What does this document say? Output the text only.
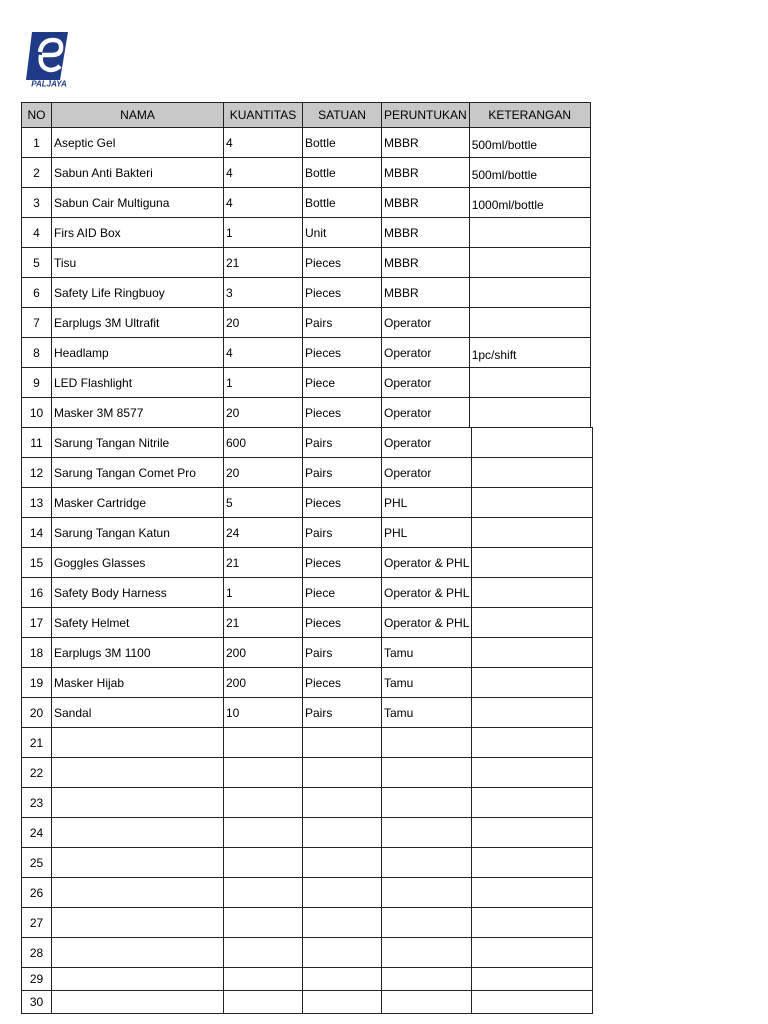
PALJAYA
NO	NAMA	KUANTITAS	SATUAN	PERUNTUKAN	KETERANGAN
1	Aseptic Gel	4	Bottle	MBBR	500ml/bottle
2	Sabun Anti Bakteri	4	Bottle	MBBR	500ml/bottle
3	Sabun Cair Multiguna	4	Bottle	MBBR	1000ml/bottle
4	Firs AID Box	1	Unit	MBBR	
5	Tisu	21	Pieces	MBBR	
6	Safety Life Ringbuoy	3	Pieces	MBBR	
7	Earplugs 3M Ultrafit	20	Pairs	Operator	
8	Headlamp	4	Pieces	Operator	1pc/shift
9	LED Flashlight	1	Piece	Operator	
10	Masker 3M 8577	20	Pieces	Operator	
11	Sarung Tangan Nitrile	600	Pairs	Operator	
12	Sarung Tangan Comet Pro	20	Pairs	Operator	
13	Masker Cartridge	5	Pieces	PHL	
14	Sarung Tangan Katun	24	Pairs	PHL	
15	Goggles Glasses	21	Pieces	Operator & PHL	
16	Safety Body Harness	1	Piece	Operator & PHL	
17	Safety Helmet	21	Pieces	Operator & PHL	
18	Earplugs 3M 1100	200	Pairs	Tamu	
19	Masker Hijab	200	Pieces	Tamu	
20	Sandal	10	Pairs	Tamu	
21					
22					
23					
24					
25					
26					
27					
28					
29					
30					
